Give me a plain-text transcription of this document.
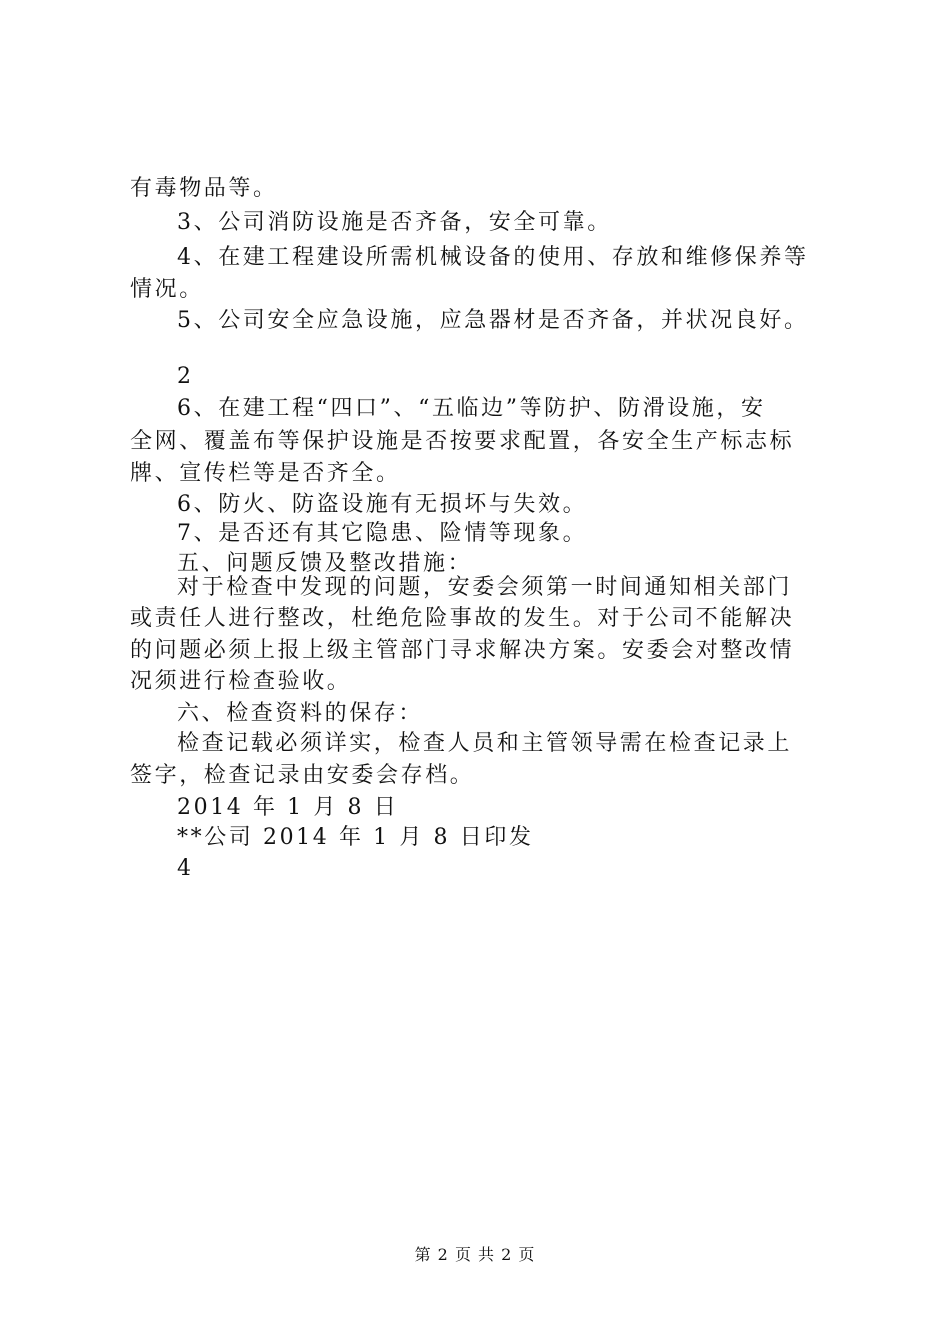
有毒物品等。
3、公司消防设施是否齐备，安全可靠。
4、在建工程建设所需机械设备的使用、存放和维修保养等
情况。
5、公司安全应急设施，应急器材是否齐备，并状况良好。
2
6、在建工程“四口”、“五临边”等防护、防滑设施，安
全网、覆盖布等保护设施是否按要求配置，各安全生产标志标
牌、宣传栏等是否齐全。
6、防火、防盗设施有无损坏与失效。
7、是否还有其它隐患、险情等现象。
五、问题反馈及整改措施：
对于检查中发现的问题，安委会须第一时间通知相关部门
或责任人进行整改，杜绝危险事故的发生。对于公司不能解决
的问题必须上报上级主管部门寻求解决方案。安委会对整改情
况须进行检查验收。
六、检查资料的保存：
检查记载必须详实，检查人员和主管领导需在检查记录上
签字，检查记录由安委会存档。
2014 年 1 月 8 日
**公司 2014 年 1 月 8 日印发
4
第 2 页 共 2 页
